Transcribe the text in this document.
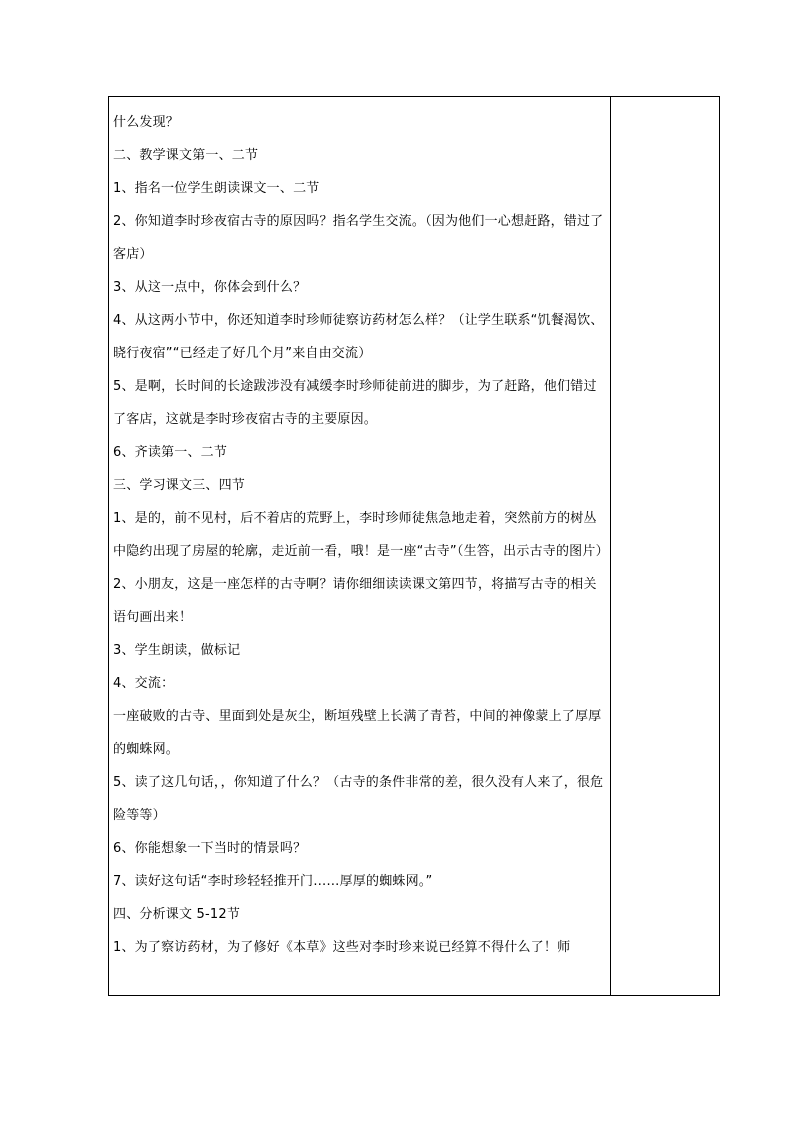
什么发现？

二、教学课文第一、二节

1、指名一位学生朗读课文一、二节

2、你知道李时珍夜宿古寺的原因吗？指名学生交流。（因为他们一心想赶路，错过了客店）

3、从这一点中，你体会到什么？

4、从这两小节中，你还知道李时珍师徒察访药材怎么样？（让学生联系“饥餐渴饮、晓行夜宿”“已经走了好几个月”来自由交流）

5、是啊，长时间的长途跋涉没有减缓李时珍师徒前进的脚步，为了赶路，他们错过了客店，这就是李时珍夜宿古寺的主要原因。

6、齐读第一、二节

三、学习课文三、四节

1、是的，前不见村，后不着店的荒野上，李时珍师徒焦急地走着，突然前方的树丛中隐约出现了房屋的轮廓，走近前一看，哦！是一座“古寺”（生答，出示古寺的图片）

2、小朋友，这是一座怎样的古寺啊？请你细细读读课文第四节，将描写古寺的相关语句画出来！

3、学生朗读，做标记

4、交流：

一座破败的古寺、里面到处是灰尘，断垣残壁上长满了青苔，中间的神像蒙上了厚厚的蜘蛛网。

5、读了这几句话，，你知道了什么？（古寺的条件非常的差，很久没有人来了，很危险等等）

6、你能想象一下当时的情景吗？

7、读好这句话“李时珍轻轻推开门……厚厚的蜘蛛网。”

四、分析课文 5-12节

1、为了察访药材，为了修好《本草》这些对李时珍来说已经算不得什么了！师
